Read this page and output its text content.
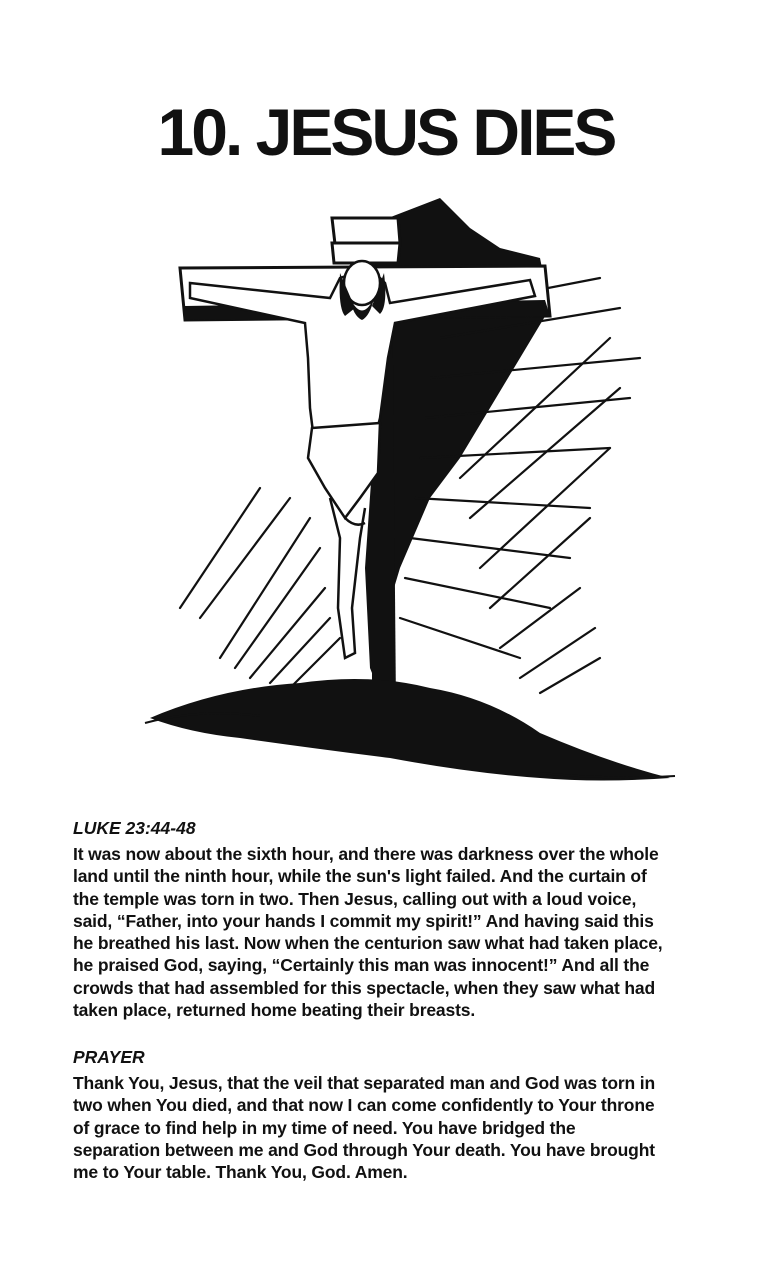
10. JESUS DIES
LUKE 23:44-48
It was now about the sixth hour, and there was darkness over the whole
land until the ninth hour, while the sun's light failed. And the curtain of
the temple was torn in two. Then Jesus, calling out with a loud voice,
said, “Father, into your hands I commit my spirit!” And having said this
he breathed his last. Now when the centurion saw what had taken place,
he praised God, saying, “Certainly this man was innocent!” And all the
crowds that had assembled for this spectacle, when they saw what had
taken place, returned home beating their breasts.
PRAYER
Thank You, Jesus, that the veil that separated man and God was torn in
two when You died, and that now I can come confidently to Your throne
of grace to find help in my time of need. You have bridged the
separation between me and God through Your death. You have brought
me to Your table. Thank You, God. Amen.
